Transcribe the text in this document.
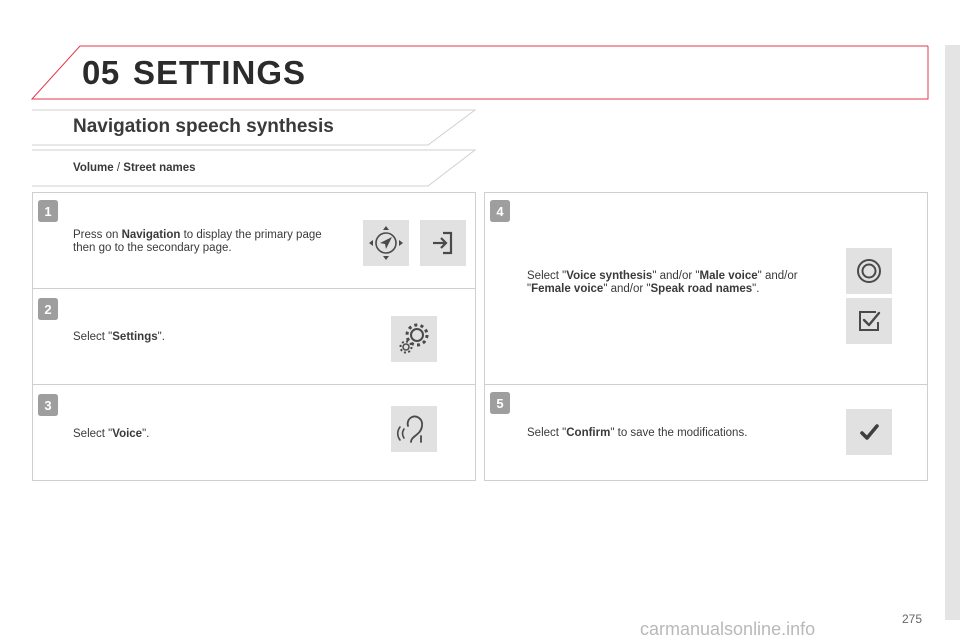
05 SETTINGS
Navigation speech synthesis
Volume / Street names
1
Press on Navigation to display the primary page then go to the secondary page.
2
Select "Settings".
3
Select "Voice".
4
Select "Voice synthesis" and/or "Male voice" and/or "Female voice" and/or "Speak road names".
5
Select "Confirm" to save the modifications.
carmanualsonline.info	275
